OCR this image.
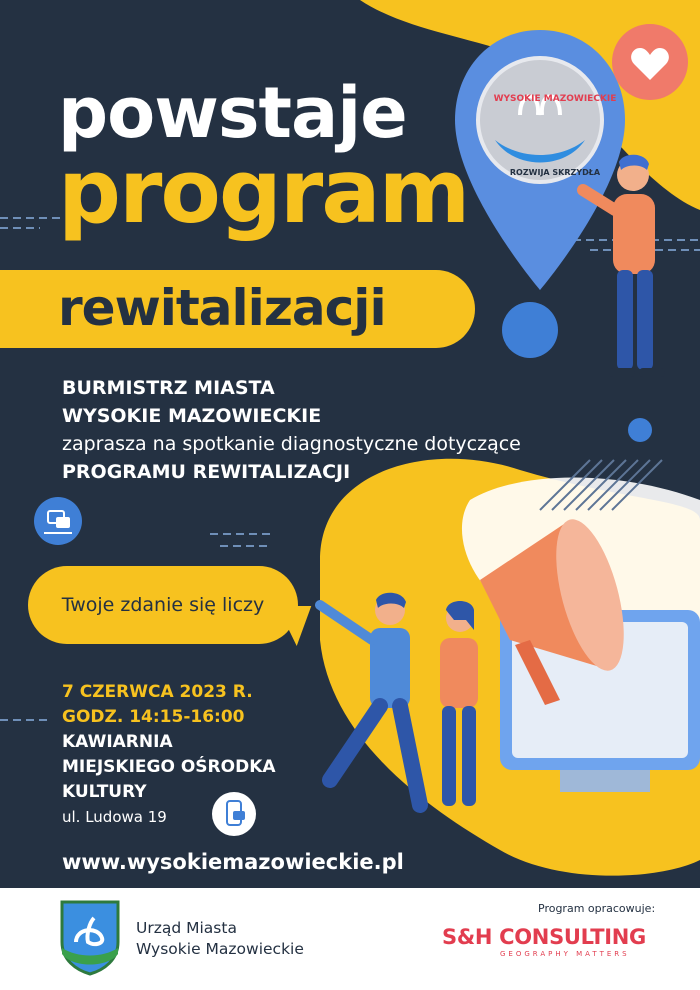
WYSOKIE MAZOWIECKIE
ROZWIJA SKRZYDŁA
powstaje
program
rewitalizacji
BURMISTRZ MIASTA
WYSOKIE MAZOWIECKIE
zaprasza na spotkanie diagnostyczne dotyczące
PROGRAMU REWITALIZACJI
Twoje zdanie się liczy
7 CZERWCA 2023 R.
GODZ. 14:15-16:00
KAWIARNIA
MIEJSKIEGO OŚRODKA
KULTURY
ul. Ludowa 19
www.wysokiemazowieckie.pl
Urząd Miasta
Wysokie Mazowieckie
Program opracowuje:
S&H CONSULTING
GEOGRAPHY MATTERS
